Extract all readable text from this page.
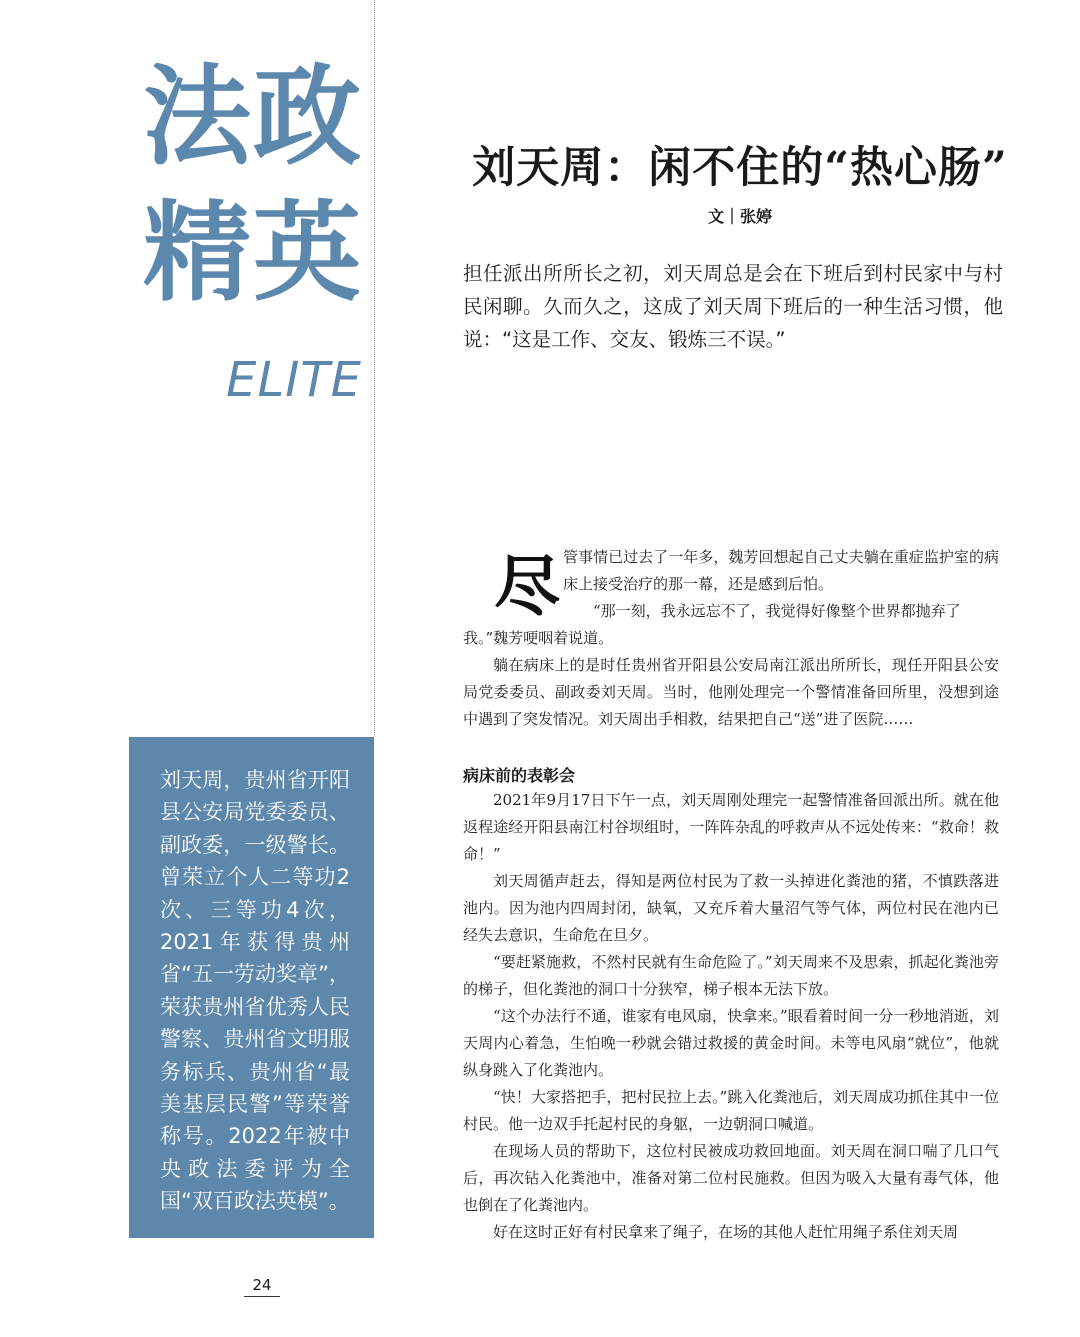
法政
精英
ELITE
刘天周，贵州省开阳县公安局党委委员、副政委，一级警长。曾荣立个人二等功2次、三等功4次，2021年获得贵州省“五一劳动奖章”，荣获贵州省优秀人民警察、贵州省文明服务标兵、贵州省“最美基层民警”等荣誉称号。2022年被中央政法委评为全国“双百政法英模”。
刘天周：闲不住的“热心肠”
文｜张婷
担任派出所所长之初，刘天周总是会在下班后到村民家中与村民闲聊。久而久之，这成了刘天周下班后的一种生活习惯，他说：“这是工作、交友、锻炼三不误。”
尽 管事情已过去了一年多，魏芳回想起自己丈夫躺在重症监护室的病床上接受治疗的那一幕，还是感到后怕。

“那一刻，我永远忘不了，我觉得好像整个世界都抛弃了

我。”魏芳哽咽着说道。

躺在病床上的是时任贵州省开阳县公安局南江派出所所长，现任开阳县公安局党委委员、副政委刘天周。当时，他刚处理完一个警情准备回所里，没想到途中遇到了突发情况。刘天周出手相救，结果把自己“送”进了医院……

病床前的表彰会

2021年9月17日下午一点，刘天周刚处理完一起警情准备回派出所。就在他返程途经开阳县南江村谷坝组时，一阵阵杂乱的呼救声从不远处传来：“救命！救命！”

刘天周循声赶去，得知是两位村民为了救一头掉进化粪池的猪，不慎跌落进池内。因为池内四周封闭，缺氧，又充斥着大量沼气等气体，两位村民在池内已经失去意识，生命危在旦夕。

“要赶紧施救，不然村民就有生命危险了。”刘天周来不及思索，抓起化粪池旁的梯子，但化粪池的洞口十分狭窄，梯子根本无法下放。

“这个办法行不通，谁家有电风扇，快拿来。”眼看着时间一分一秒地消逝，刘天周内心着急，生怕晚一秒就会错过救援的黄金时间。未等电风扇“就位”，他就纵身跳入了化粪池内。

“快！大家搭把手，把村民拉上去。”跳入化粪池后，刘天周成功抓住其中一位村民。他一边双手托起村民的身躯，一边朝洞口喊道。

在现场人员的帮助下，这位村民被成功救回地面。刘天周在洞口喘了几口气后，再次钻入化粪池中，准备对第二位村民施救。但因为吸入大量有毒气体，他也倒在了化粪池内。

好在这时正好有村民拿来了绳子，在场的其他人赶忙用绳子系住刘天周

24
